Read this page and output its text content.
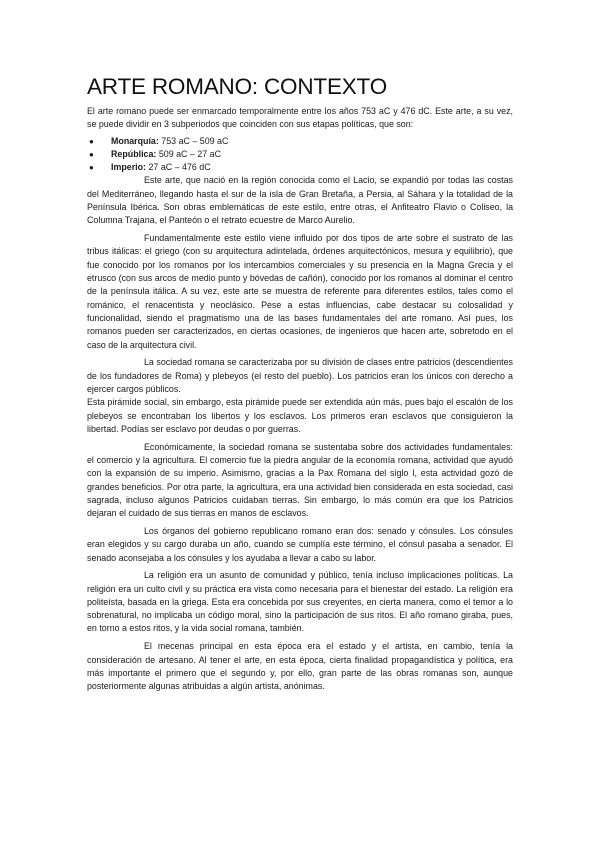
ARTE ROMANO: CONTEXTO

El arte romano puede ser enmarcado temporalmente entre los años 753 aC y 476 dC. Este arte, a su vez, se puede dividir en 3 subperiodos que coinciden con sus etapas políticas, que son:

● Monarquía: 753 aC – 509 aC
● República: 509 aC – 27 aC
● Imperio: 27 aC – 476 dC

Este arte, que nació en la región conocida como el Lacio, se expandió por todas las costas del Mediterráneo, llegando hasta el sur de la isla de Gran Bretaña, a Persia, al Sáhara y la totalidad de la Península Ibérica. Son obras emblemáticas de este estilo, entre otras, el Anfiteatro Flavio o Coliseo, la Columna Trajana, el Panteón o el retrato ecuestre de Marco Aurelio.

Fundamentalmente este estilo viene influido por dos tipos de arte sobre el sustrato de las tribus itálicas: el griego (con su arquitectura adintelada, órdenes arquitectónicos, mesura y equilibrio), que fue conocido por los romanos por los intercambios comerciales y su presencia en la Magna Grecia y el etrusco (con sus arcos de medio punto y bóvedas de cañón), conocido por los romanos al dominar el centro de la península itálica. A su vez, este arte se muestra de referente para diferentes estilos, tales como el románico, el renacentista y neoclásico. Pese a estas influencias, cabe destacar su colosalidad y funcionalidad, siendo el pragmatismo una de las bases fundamentales del arte romano. Así pues, los romanos pueden ser caracterizados, en ciertas ocasiones, de ingenieros que hacen arte, sobretodo en el caso de la arquitectura civil.

La sociedad romana se caracterizaba por su división de clases entre patricios (descendientes de los fundadores de Roma) y plebeyos (el resto del pueblo). Los patricios eran los únicos con derecho a ejercer cargos públicos.

Esta pirámide social, sin embargo, esta pirámide puede ser extendida aún más, pues bajo el escalón de los plebeyos se encontraban los libertos y los esclavos. Los primeros eran esclavos que consiguieron la libertad. Podías ser esclavo por deudas o por guerras.

Económicamente, la sociedad romana se sustentaba sobre dos actividades fundamentales: el comercio y la agricultura. El comercio fue la piedra angular de la economía romana, actividad que ayudó con la expansión de su imperio. Asimismo, gracias a la Pax Romana del siglo I, esta actividad gozó de grandes beneficios. Por otra parte, la agricultura, era una actividad bien considerada en esta sociedad, casi sagrada, incluso algunos Patricios cuidaban tierras. Sin embargo, lo más común era que los Patricios dejaran el cuidado de sus tierras en manos de esclavos.

Los órganos del gobierno republicano romano eran dos: senado y cónsules. Los cónsules eran elegidos y su cargo duraba un año, cuando se cumplía este término, el cónsul pasaba a senador. El senado aconsejaba a los cónsules y los ayudaba a llevar a cabo su labor.

La religión era un asunto de comunidad y público, tenía incluso implicaciones políticas. La religión era un culto civil y su práctica era vista como necesaria para el bienestar del estado. La religión era politeísta, basada en la griega. Esta era concebida por sus creyentes, en cierta manera, como el temor a lo sobrenatural, no implicaba un código moral, sino la participación de sus ritos. El año romano giraba, pues, en torno a estos ritos, y la vida social romana, también.

El mecenas principal en esta época era el estado y el artista, en cambio, tenía la consideración de artesano. Al tener el arte, en esta época, cierta finalidad propagandística y política, era más importante el primero que el segundo y, por ello, gran parte de las obras romanas son, aunque posteriormente algunas atribuidas a algún artista, anónimas.
